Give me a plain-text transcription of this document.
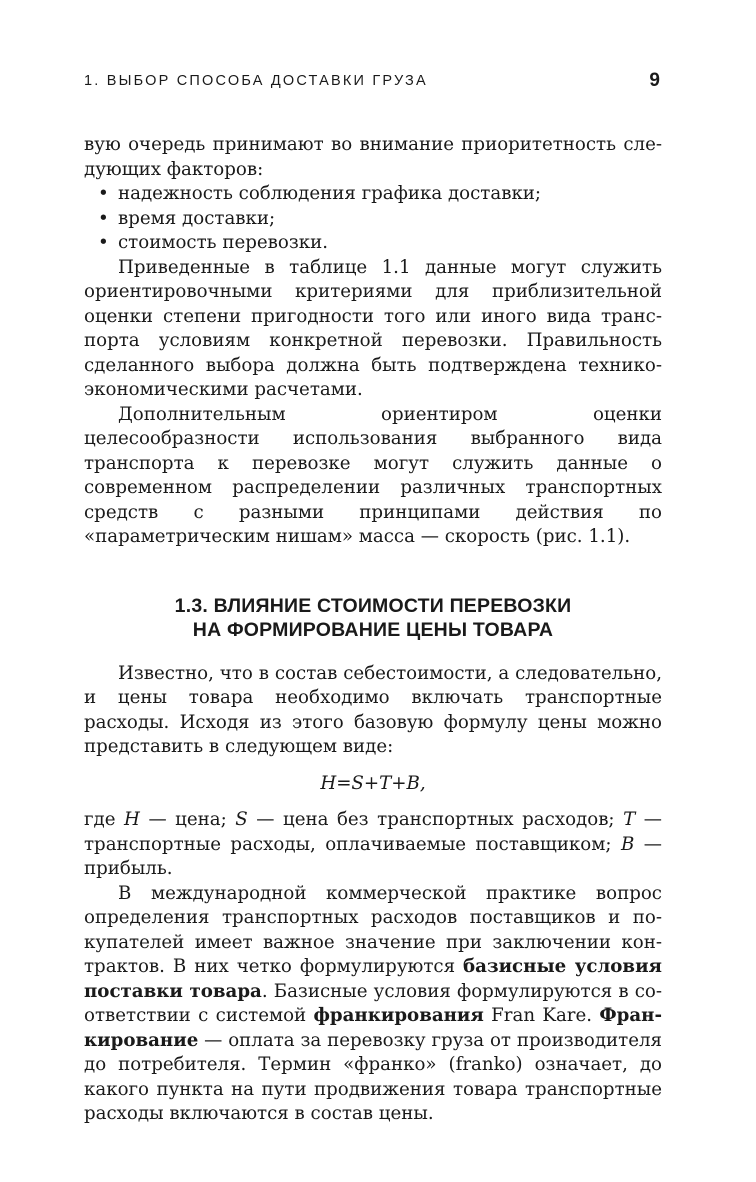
1. ВЫБОР СПОСОБА ДОСТАВКИ ГРУЗА	9

вую очередь принимают во внимание приоритетность следующих факторов:

• надежность соблюдения графика доставки;
• время доставки;
• стоимость перевозки.

Приведенные в таблице 1.1 данные могут служить ориентировочными критериями для приблизительной оценки степени пригодности того или иного вида транспорта условиям конкретной перевозки. Правильность сделанного выбора должна быть подтверждена технико-экономическими расчетами.

Дополнительным ориентиром оценки целесообразности использования выбранного вида транспорта к перевозке могут служить данные о современном распределении различных транспортных средств с разными принципами действия по «параметрическим нишам» масса — скорость (рис. 1.1).

1.3. ВЛИЯНИЕ СТОИМОСТИ ПЕРЕВОЗКИ
НА ФОРМИРОВАНИЕ ЦЕНЫ ТОВАРА

Известно, что в состав себестоимости, а следовательно, и цены товара необходимо включать транспортные расходы. Исходя из этого базовую формулу цены можно представить в следующем виде:

Н=S+T+B,

где Н — цена; S — цена без транспортных расходов; T — транспортные расходы, оплачиваемые поставщиком; B — прибыль.

В международной коммерческой практике вопрос определения транспортных расходов поставщиков и покупателей имеет важное значение при заключении контрактов. В них четко формулируются базисные условия поставки товара. Базисные условия формулируются в соответствии с системой франкирования Fran Kare. Франкирование — оплата за перевозку груза от производителя до потребителя. Термин «франко» (franko) означает, до какого пункта на пути продвижения товара транспортные расходы включаются в состав цены.
